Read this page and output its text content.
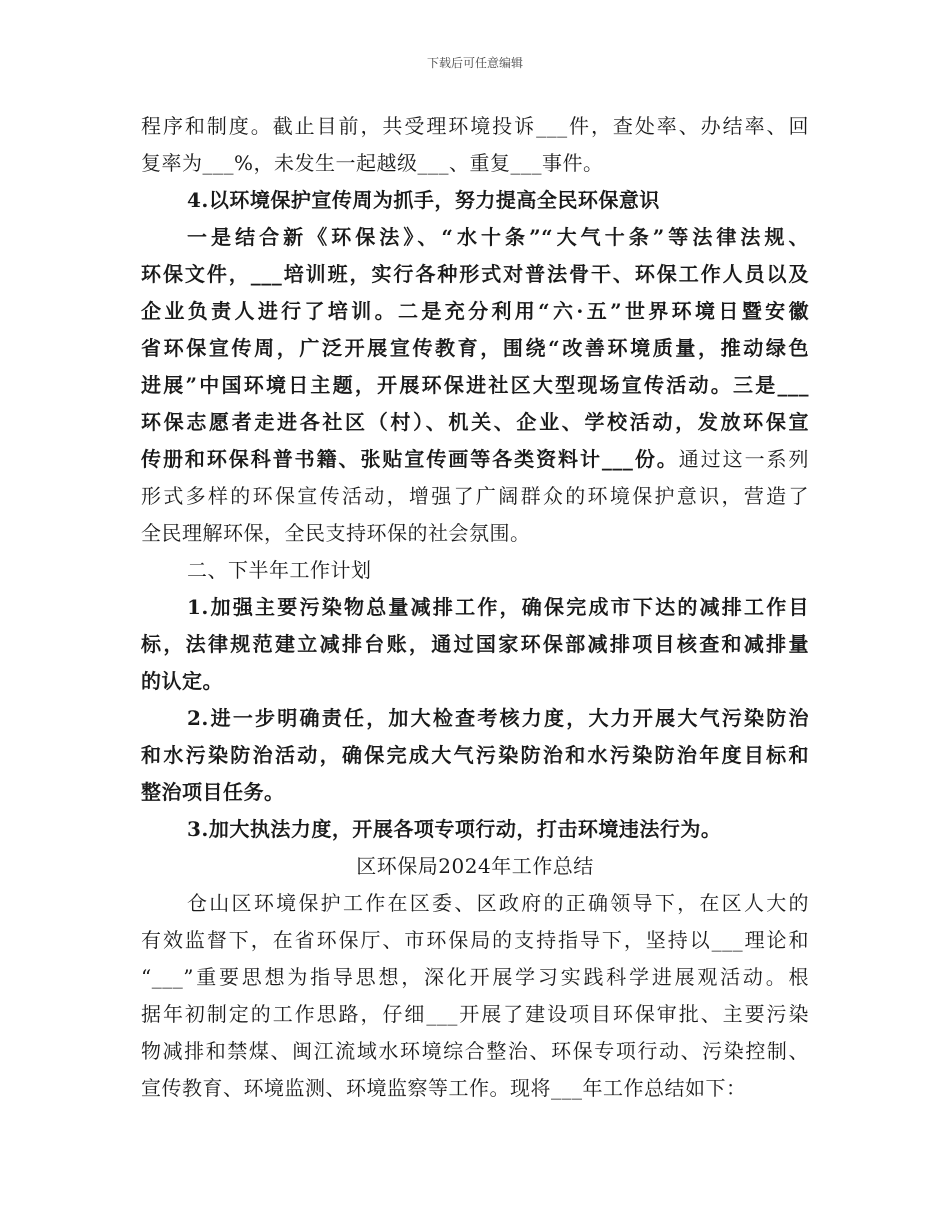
下载后可任意编辑
程序和制度。截止目前，共受理环境投诉___件，查处率、办结率、回
复率为___%，未发生一起越级___、重复___事件。
4.以环境保护宣传周为抓手，努力提高全民环保意识
一是结合新《环保法》、“水十条”“大气十条”等法律法规、
环保文件，___培训班，实行各种形式对普法骨干、环保工作人员以及
企业负责人进行了培训。二是充分利用“六·五”世界环境日暨安徽
省环保宣传周，广泛开展宣传教育，围绕“改善环境质量，推动绿色
进展”中国环境日主题，开展环保进社区大型现场宣传活动。三是___
环保志愿者走进各社区（村）、机关、企业、学校活动，发放环保宣
传册和环保科普书籍、张贴宣传画等各类资料计___份。通过这一系列
形式多样的环保宣传活动，增强了广阔群众的环境保护意识，营造了
全民理解环保，全民支持环保的社会氛围。
二、下半年工作计划
1.加强主要污染物总量减排工作，确保完成市下达的减排工作目
标，法律规范建立减排台账，通过国家环保部减排项目核查和减排量
的认定。
2.进一步明确责任，加大检查考核力度，大力开展大气污染防治
和水污染防治活动，确保完成大气污染防治和水污染防治年度目标和
整治项目任务。
3.加大执法力度，开展各项专项行动，打击环境违法行为。
区环保局2024年工作总结
仓山区环境保护工作在区委、区政府的正确领导下，在区人大的
有效监督下，在省环保厅、市环保局的支持指导下，坚持以___理论和
“___”重要思想为指导思想，深化开展学习实践科学进展观活动。根
据年初制定的工作思路，仔细___开展了建设项目环保审批、主要污染
物减排和禁煤、闽江流域水环境综合整治、环保专项行动、污染控制、
宣传教育、环境监测、环境监察等工作。现将___年工作总结如下：
